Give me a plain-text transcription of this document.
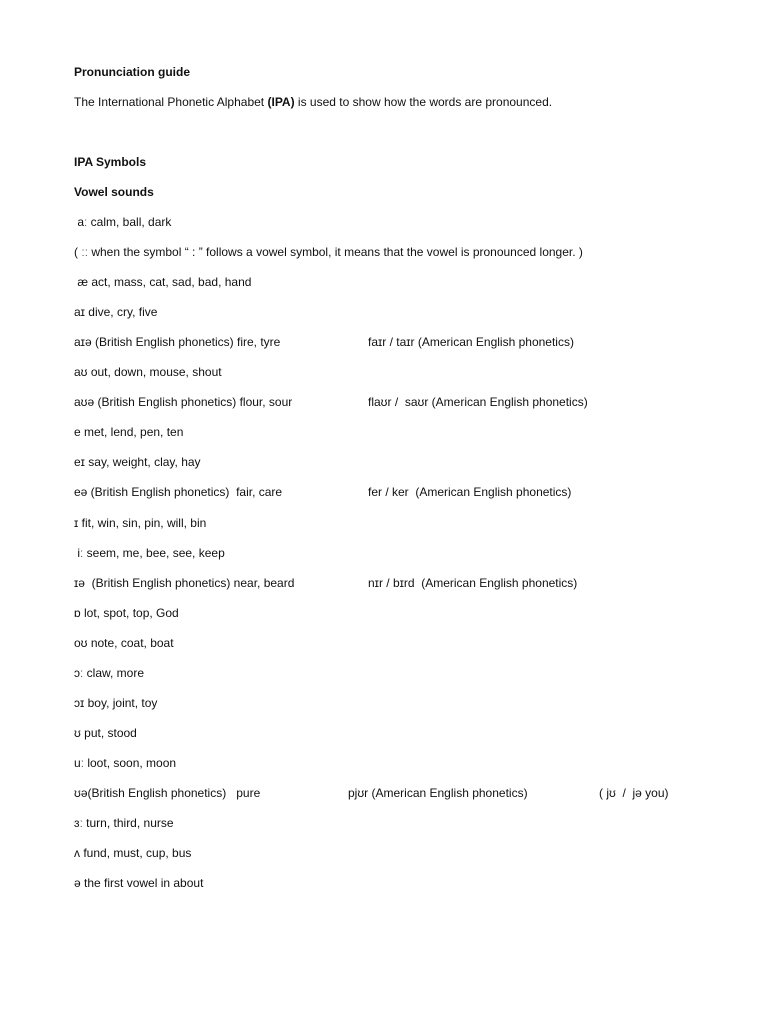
Pronunciation guide
The International Phonetic Alphabet (IPA) is used to show how the words are pronounced.
IPA Symbols
Vowel sounds
aː calm, ball, dark
( ːː when the symbol “ : ” follows a vowel symbol, it means that the vowel is pronounced longer. )
æ act, mass, cat, sad, bad, hand
aɪ dive, cry, five
aɪə (British English phonetics) fire, tyre	faɪr / taɪr (American English phonetics)
aʊ out, down, mouse, shout
aʊə (British English phonetics) flour, sour	flaʊr /  saʊr (American English phonetics)
e met, lend, pen, ten
eɪ say, weight, clay, hay
eə (British English phonetics)  fair, care	fer / ker  (American English phonetics)
ɪ fit, win, sin, pin, will, bin
iː seem, me, bee, see, keep
ɪə  (British English phonetics) near, beard	nɪr / bɪrd  (American English phonetics)
ɒ lot, spot, top, God
oʊ note, coat, boat
ɔː claw, more
ɔɪ boy, joint, toy
ʊ put, stood
uː loot, soon, moon
ʊə(British English phonetics)   pure	pjʊr (American English phonetics)	( jʊ  /  jə you)
ɜː turn, third, nurse
ʌ fund, must, cup, bus
ə the first vowel in about
